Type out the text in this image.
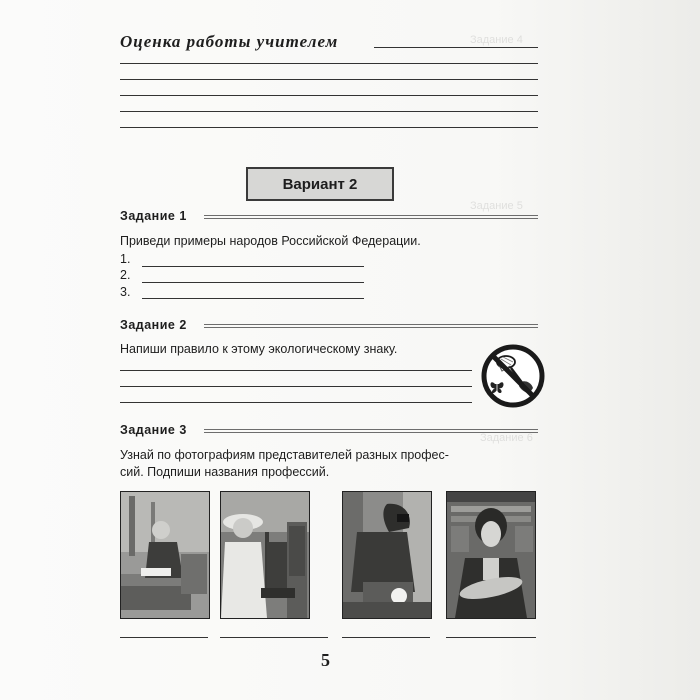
Задание 4
Задание 5
Задание 6
Оценка работы учителем
Вариант 2
Задание 1
Приведи примеры народов Российской Федерации.
1.
2.
3.
Задание 2
Напиши правило к этому экологическому знаку.
Задание 3
Узнай по фотографиям представителей разных профес-
сий. Подпиши названия профессий.
5
